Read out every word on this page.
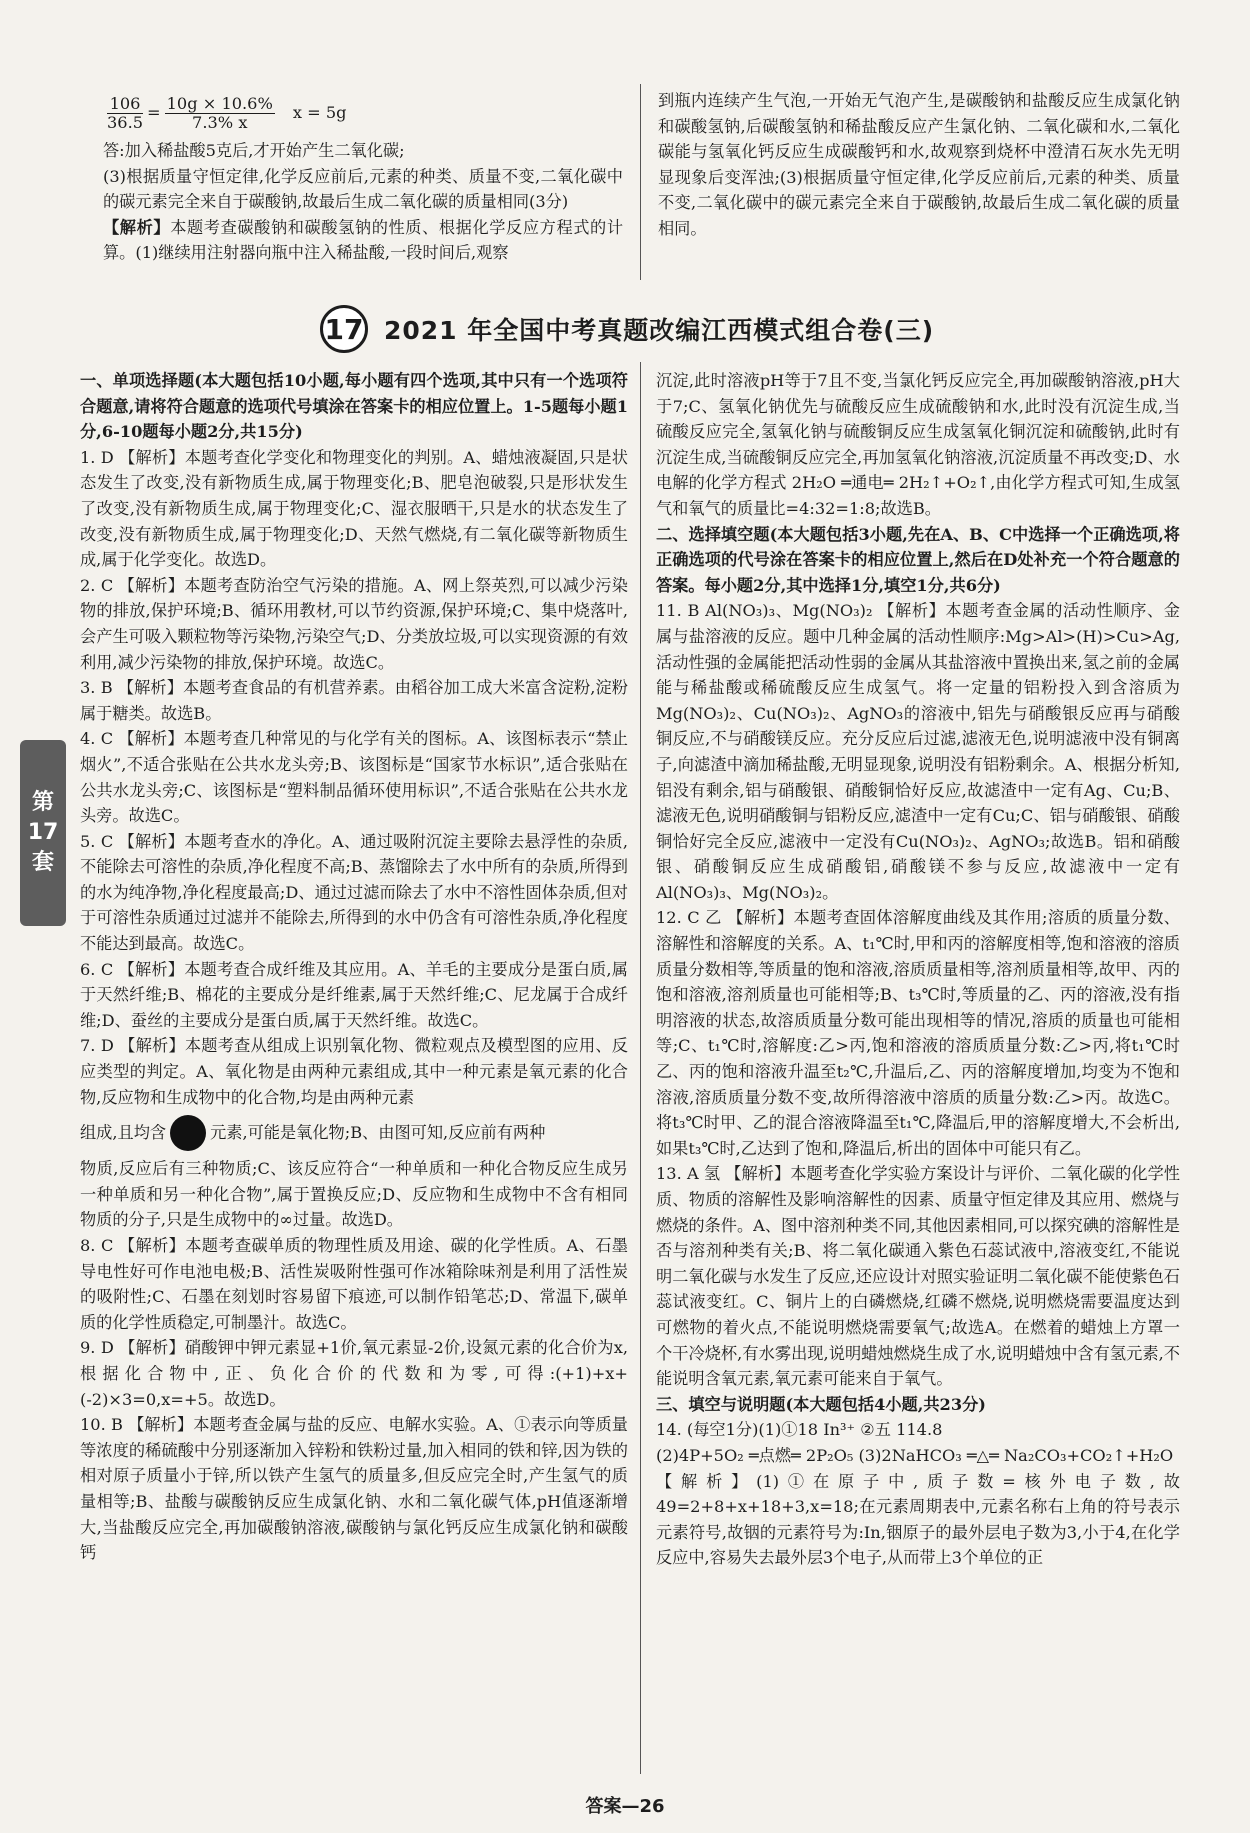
$\frac{106}{36.5} = \frac{10g \times 10.6\%}{7.3\% x}$ x = 5g

答:加入稀盐酸5克后,才开始产生二氧化碳;

(3)根据质量守恒定律,化学反应前后,元素的种类、质量不变,二氧化碳中的碳元素完全来自于碳酸钠,故最后生成二氧化碳的质量相同(3分)

【解析】本题考查碳酸钠和碳酸氢钠的性质、根据化学反应方程式的计算。(1)继续用注射器向瓶中注入稀盐酸,一段时间后,观察

到瓶内连续产生气泡,一开始无气泡产生,是碳酸钠和盐酸反应生成氯化钠和碳酸氢钠,后碳酸氢钠和稀盐酸反应产生氯化钠、二氧化碳和水,二氧化碳能与氢氧化钙反应生成碳酸钙和水,故观察到烧杯中澄清石灰水先无明显现象后变浑浊;(3)根据质量守恒定律,化学反应前后,元素的种类、质量不变,二氧化碳中的碳元素完全来自于碳酸钠,故最后生成二氧化碳的质量相同。

17 2021 年全国中考真题改编江西模式组合卷(三)
第
17
套

一、单项选择题(本大题包括10小题,每小题有四个选项,其中只有一个选项符合题意,请将符合题意的选项代号填涂在答案卡的相应位置上。1-5题每小题1分,6-10题每小题2分,共15分)

1. D 【解析】本题考查化学变化和物理变化的判别。A、蜡烛液凝固,只是状态发生了改变,没有新物质生成,属于物理变化;B、肥皂泡破裂,只是形状发生了改变,没有新物质生成,属于物理变化;C、湿衣服晒干,只是水的状态发生了改变,没有新物质生成,属于物理变化;D、天然气燃烧,有二氧化碳等新物质生成,属于化学变化。故选D。

2. C 【解析】本题考查防治空气污染的措施。A、网上祭英烈,可以减少污染物的排放,保护环境;B、循环用教材,可以节约资源,保护环境;C、集中烧落叶,会产生可吸入颗粒物等污染物,污染空气;D、分类放垃圾,可以实现资源的有效利用,减少污染物的排放,保护环境。故选C。

3. B 【解析】本题考查食品的有机营养素。由稻谷加工成大米富含淀粉,淀粉属于糖类。故选B。

4. C 【解析】本题考查几种常见的与化学有关的图标。A、该图标表示“禁止烟火”,不适合张贴在公共水龙头旁;B、该图标是“国家节水标识”,适合张贴在公共水龙头旁;C、该图标是“塑料制品循环使用标识”,不适合张贴在公共水龙头旁。故选C。

5. C 【解析】本题考查水的净化。A、通过吸附沉淀主要除去悬浮性的杂质,不能除去可溶性的杂质,净化程度不高;B、蒸馏除去了水中所有的杂质,所得到的水为纯净物,净化程度最高;D、通过过滤而除去了水中不溶性固体杂质,但对于可溶性杂质通过过滤并不能除去,所得到的水中仍含有可溶性杂质,净化程度不能达到最高。故选C。

6. C 【解析】本题考查合成纤维及其应用。A、羊毛的主要成分是蛋白质,属于天然纤维;B、棉花的主要成分是纤维素,属于天然纤维;C、尼龙属于合成纤维;D、蚕丝的主要成分是蛋白质,属于天然纤维。故选C。

7. D 【解析】本题考查从组成上识别氧化物、微粒观点及模型图的应用、反应类型的判定。A、氧化物是由两种元素组成,其中一种元素是氧元素的化合物,反应物和生成物中的化合物,均是由两种元素

组成,且均含	元素,可能是氧化物;B、由图可知,反应前有两种

物质,反应后有三种物质;C、该反应符合“一种单质和一种化合物反应生成另一种单质和另一种化合物”,属于置换反应;D、反应物和生成物中不含有相同物质的分子,只是生成物中的∞过量。故选D。

8. C 【解析】本题考查碳单质的物理性质及用途、碳的化学性质。A、石墨导电性好可作电池电极;B、活性炭吸附性强可作冰箱除味剂是利用了活性炭的吸附性;C、石墨在刻划时容易留下痕迹,可以制作铅笔芯;D、常温下,碳单质的化学性质稳定,可制墨汁。故选C。

9. D 【解析】硝酸钾中钾元素显+1价,氧元素显-2价,设氮元素的化合价为x,根据化合物中,正、负化合价的代数和为零,可得:(+1)+x+(-2)×3=0,x=+5。故选D。

10. B 【解析】本题考查金属与盐的反应、电解水实验。A、①表示向等质量等浓度的稀硫酸中分别逐渐加入锌粉和铁粉过量,加入相同的铁和锌,因为铁的相对原子质量小于锌,所以铁产生氢气的质量多,但反应完全时,产生氢气的质量相等;B、盐酸与碳酸钠反应生成氯化钠、水和二氧化碳气体,pH值逐渐增大,当盐酸反应完全,再加碳酸钠溶液,碳酸钠与氯化钙反应生成氯化钠和碳酸钙

沉淀,此时溶液pH等于7且不变,当氯化钙反应完全,再加碳酸钠溶液,pH大于7;C、氢氧化钠优先与硫酸反应生成硫酸钠和水,此时没有沉淀生成,当硫酸反应完全,氢氧化钠与硫酸铜反应生成氢氧化铜沉淀和硫酸钠,此时有沉淀生成,当硫酸铜反应完全,再加氢氧化钠溶液,沉淀质量不再改变;D、水电解的化学方程式 2H₂O ═通电═ 2H₂↑+O₂↑,由化学方程式可知,生成氢气和氧气的质量比=4:32=1:8;故选B。

二、选择填空题(本大题包括3小题,先在A、B、C中选择一个正确选项,将正确选项的代号涂在答案卡的相应位置上,然后在D处补充一个符合题意的答案。每小题2分,其中选择1分,填空1分,共6分)

11. B Al(NO₃)₃、Mg(NO₃)₂ 【解析】本题考查金属的活动性顺序、金属与盐溶液的反应。题中几种金属的活动性顺序:Mg>Al>(H)>Cu>Ag,活动性强的金属能把活动性弱的金属从其盐溶液中置换出来,氢之前的金属能与稀盐酸或稀硫酸反应生成氢气。将一定量的铝粉投入到含溶质为Mg(NO₃)₂、Cu(NO₃)₂、AgNO₃的溶液中,铝先与硝酸银反应再与硝酸铜反应,不与硝酸镁反应。充分反应后过滤,滤液无色,说明滤液中没有铜离子,向滤渣中滴加稀盐酸,无明显现象,说明没有铝粉剩余。A、根据分析知,铝没有剩余,铝与硝酸银、硝酸铜恰好反应,故滤渣中一定有Ag、Cu;B、滤液无色,说明硝酸铜与铝粉反应,滤渣中一定有Cu;C、铝与硝酸银、硝酸铜恰好完全反应,滤液中一定没有Cu(NO₃)₂、AgNO₃;故选B。铝和硝酸银、硝酸铜反应生成硝酸铝,硝酸镁不参与反应,故滤液中一定有Al(NO₃)₃、Mg(NO₃)₂。

12. C 乙 【解析】本题考查固体溶解度曲线及其作用;溶质的质量分数、溶解性和溶解度的关系。A、t₁℃时,甲和丙的溶解度相等,饱和溶液的溶质质量分数相等,等质量的饱和溶液,溶质质量相等,溶剂质量相等,故甲、丙的饱和溶液,溶剂质量也可能相等;B、t₃℃时,等质量的乙、丙的溶液,没有指明溶液的状态,故溶质质量分数可能出现相等的情况,溶质的质量也可能相等;C、t₁℃时,溶解度:乙>丙,饱和溶液的溶质质量分数:乙>丙,将t₁℃时乙、丙的饱和溶液升温至t₂℃,升温后,乙、丙的溶解度增加,均变为不饱和溶液,溶质质量分数不变,故所得溶液中溶质的质量分数:乙>丙。故选C。将t₃℃时甲、乙的混合溶液降温至t₁℃,降温后,甲的溶解度增大,不会析出,如果t₃℃时,乙达到了饱和,降温后,析出的固体中可能只有乙。

13. A 氢 【解析】本题考查化学实验方案设计与评价、二氧化碳的化学性质、物质的溶解性及影响溶解性的因素、质量守恒定律及其应用、燃烧与燃烧的条件。A、图中溶剂种类不同,其他因素相同,可以探究碘的溶解性是否与溶剂种类有关;B、将二氧化碳通入紫色石蕊试液中,溶液变红,不能说明二氧化碳与水发生了反应,还应设计对照实验证明二氧化碳不能使紫色石蕊试液变红。C、铜片上的白磷燃烧,红磷不燃烧,说明燃烧需要温度达到可燃物的着火点,不能说明燃烧需要氧气;故选A。在燃着的蜡烛上方罩一个干冷烧杯,有水雾出现,说明蜡烛燃烧生成了水,说明蜡烛中含有氢元素,不能说明含氧元素,氧元素可能来自于氧气。

三、填空与说明题(本大题包括4小题,共23分)

14. (每空1分)(1)①18 In³⁺ ②五 114.8

(2)4P+5O₂ ═点燃═ 2P₂O₅ (3)2NaHCO₃ ═△═ Na₂CO₃+CO₂↑+H₂O

【解析】(1)①在原子中,质子数=核外电子数,故49=2+8+x+18+3,x=18;在元素周期表中,元素名称右上角的符号表示元素符号,故铟的元素符号为:In,铟原子的最外层电子数为3,小于4,在化学反应中,容易失去最外层3个电子,从而带上3个单位的正

答案—26
